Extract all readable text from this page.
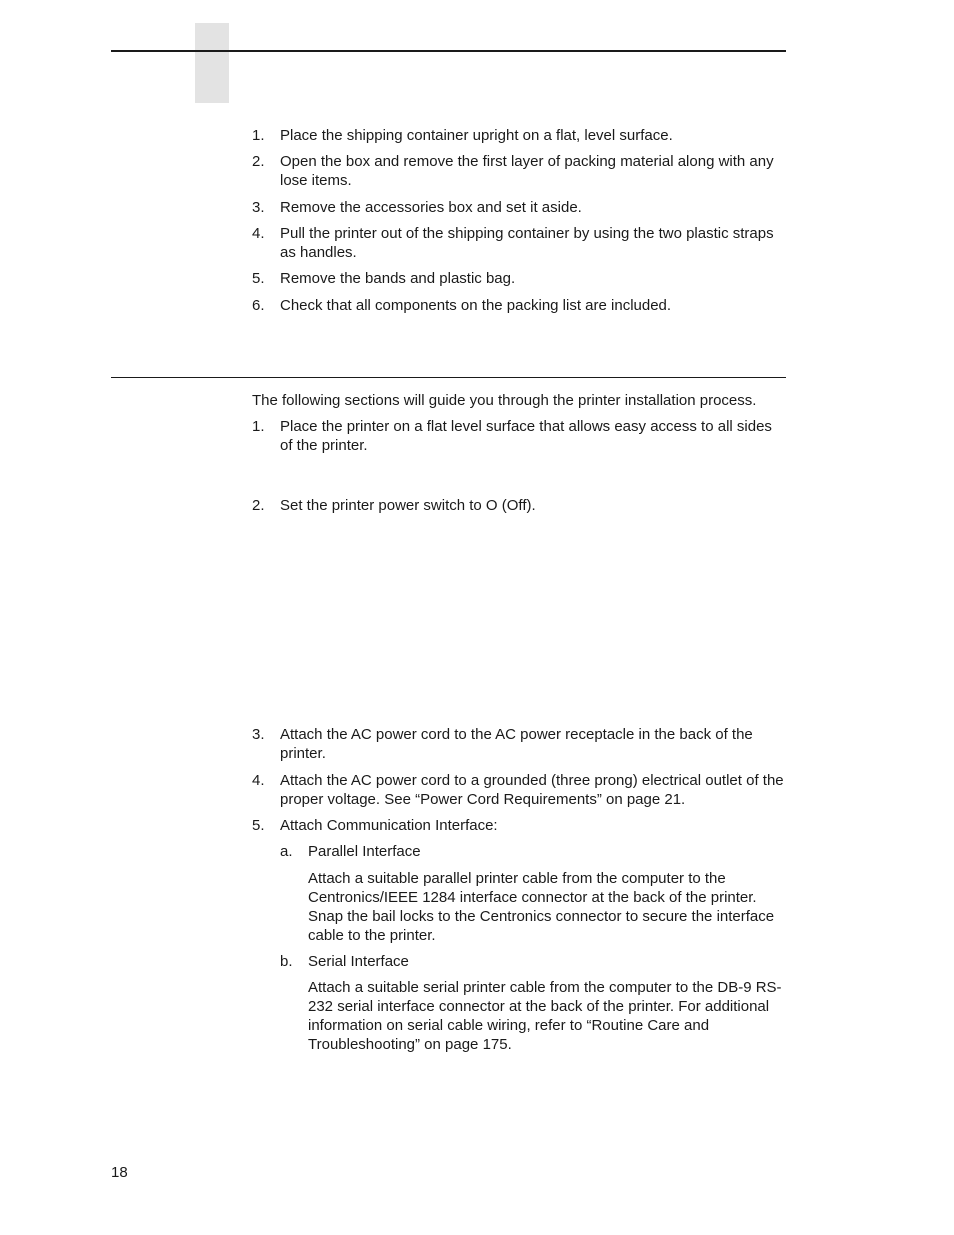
1. Place the shipping container upright on a flat, level surface.
2. Open the box and remove the first layer of packing material along with any lose items.
3. Remove the accessories box and set it aside.
4. Pull the printer out of the shipping container by using the two plastic straps as handles.
5. Remove the bands and plastic bag.
6. Check that all components on the packing list are included.
The following sections will guide you through the printer installation process.
1. Place the printer on a flat level surface that allows easy access to all sides of the printer.
2. Set the printer power switch to O (Off).
3. Attach the AC power cord to the AC power receptacle in the back of the printer.
4. Attach the AC power cord to a grounded (three prong) electrical outlet of the proper voltage. See “Power Cord Requirements” on page 21.
5. Attach Communication Interface:
a. Parallel Interface
Attach a suitable parallel printer cable from the computer to the Centronics/IEEE 1284 interface connector at the back of the printer. Snap the bail locks to the Centronics connector to secure the interface cable to the printer.
b. Serial Interface
Attach a suitable serial printer cable from the computer to the DB-9 RS-232 serial interface connector at the back of the printer. For additional information on serial cable wiring, refer to “Routine Care and Troubleshooting” on page 175.
18
